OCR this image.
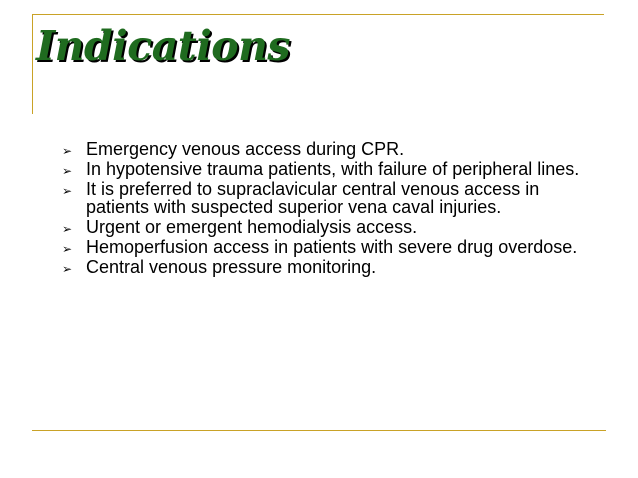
Indications
➢ Emergency venous access during CPR.
➢ In hypotensive trauma patients, with failure of peripheral lines.
➢ It is preferred to supraclavicular central venous access in patients with suspected superior vena caval injuries.
➢ Urgent or emergent hemodialysis access.
➢ Hemoperfusion access in patients with severe drug overdose.
➢ Central venous pressure monitoring.
